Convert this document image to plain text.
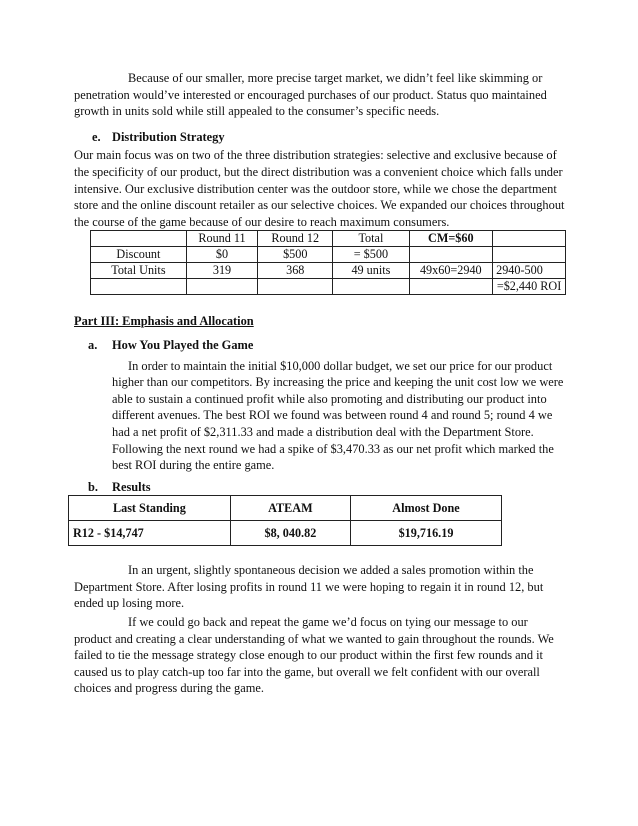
Because of our smaller, more precise target market, we didn’t feel like skimming or penetration would’ve interested or encouraged purchases of our product. Status quo maintained growth in units sold while still appealed to the consumer’s specific needs.

e. Distribution Strategy

Our main focus was on two of the three distribution strategies: selective and exclusive because of the specificity of our product, but the direct distribution was a convenient choice which falls under intensive. Our exclusive distribution center was the outdoor store, while we chose the department store and the online discount retailer as our selective choices. We expanded our choices throughout the course of the game because of our desire to reach maximum consumers.

	Round 11	Round 12	Total	CM=$60	
Discount	$0	$500	= $500		
Total Units	319	368	49 units	49x60=2940	2940-500
					=$2,440 ROI

Part III: Emphasis and Allocation

a. How You Played the Game

In order to maintain the initial $10,000 dollar budget, we set our price for our product higher than our competitors. By increasing the price and keeping the unit cost low we were able to sustain a continued profit while also promoting and distributing our product into different avenues. The best ROI we found was between round 4 and round 5; round 4 we had a net profit of $2,311.33 and made a distribution deal with the Department Store. Following the next round we had a spike of $3,470.33 as our net profit which marked the best ROI during the entire game.

b. Results

Last Standing	ATEAM	Almost Done
R12 - $14,747	$8, 040.82	$19,716.19

In an urgent, slightly spontaneous decision we added a sales promotion within the Department Store. After losing profits in round 11 we were hoping to regain it in round 12, but ended up losing more.

If we could go back and repeat the game we’d focus on tying our message to our product and creating a clear understanding of what we wanted to gain throughout the rounds. We failed to tie the message strategy close enough to our product within the first few rounds and it caused us to play catch-up too far into the game, but overall we felt confident with our overall choices and progress during the game.
